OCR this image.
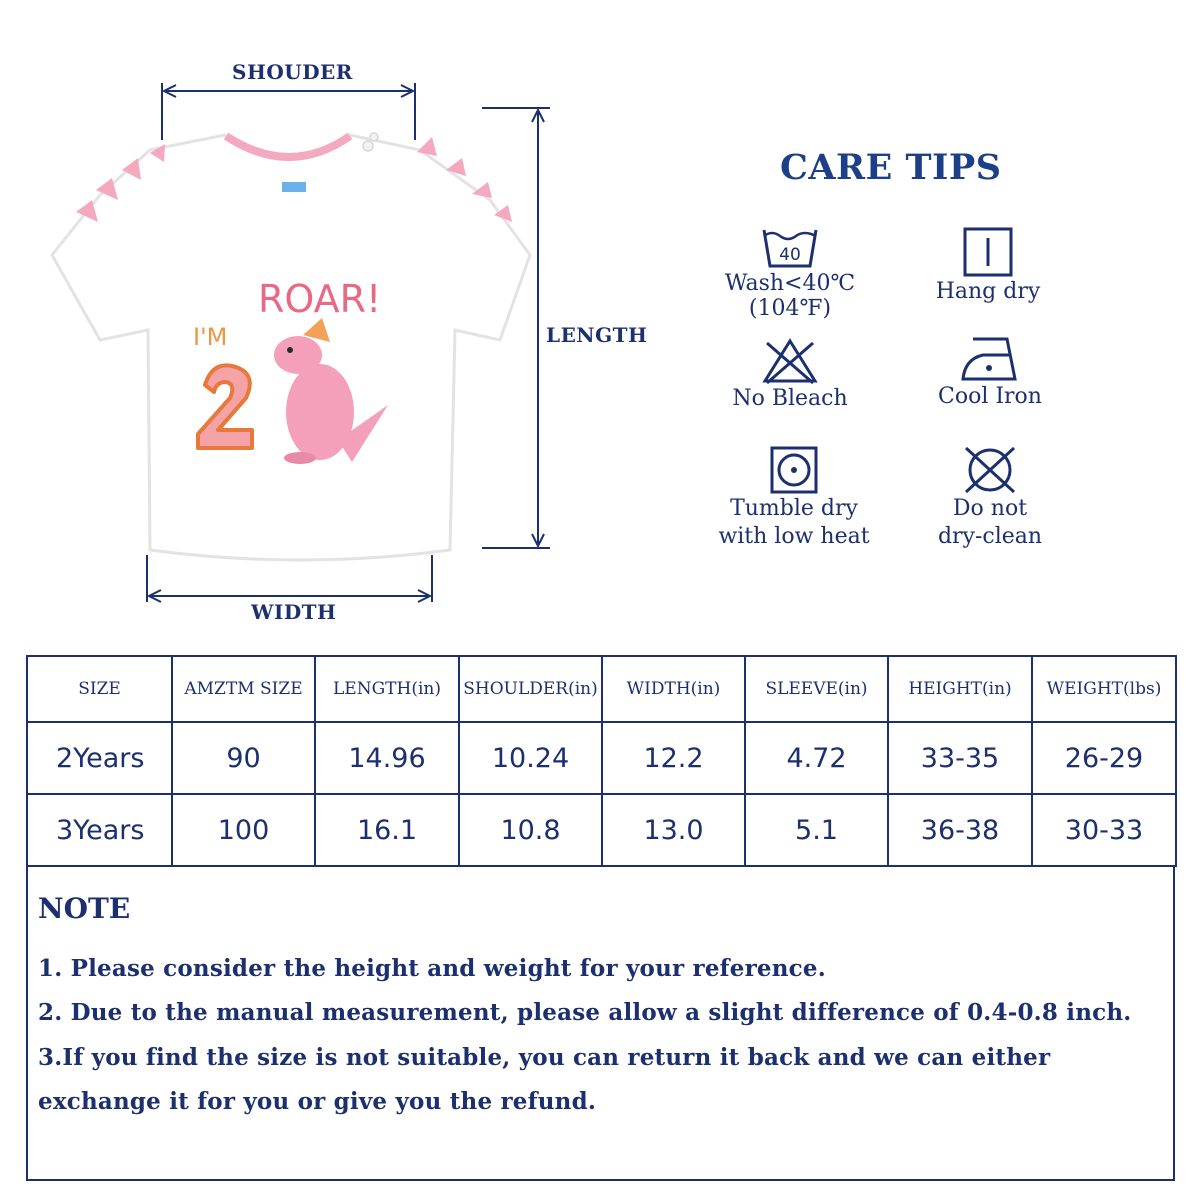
ROAR!
I'M
SHOUDER
LENGTH
WIDTH
CARE TIPS
40
Wash<40℃
(104℉)
Hang dry
No Bleach	Cool Iron
Tumble dry
with low heat
Do not
dry-clean
SIZE	AMZTM SIZE	LENGTH(in)	SHOULDER(in)	WIDTH(in)	SLEEVE(in)	HEIGHT(in)	WEIGHT(lbs)
2Years	90	14.96	10.24	12.2	4.72	33-35	26-29
3Years	100	16.1	10.8	13.0	5.1	36-38	30-33
NOTE
1. Please consider the height and weight for your reference.
2. Due to the manual measurement, please allow a slight difference of 0.4-0.8 inch.
3.If you find the size is not suitable, you can return it back and we can either
exchange it for you or give you the refund.
